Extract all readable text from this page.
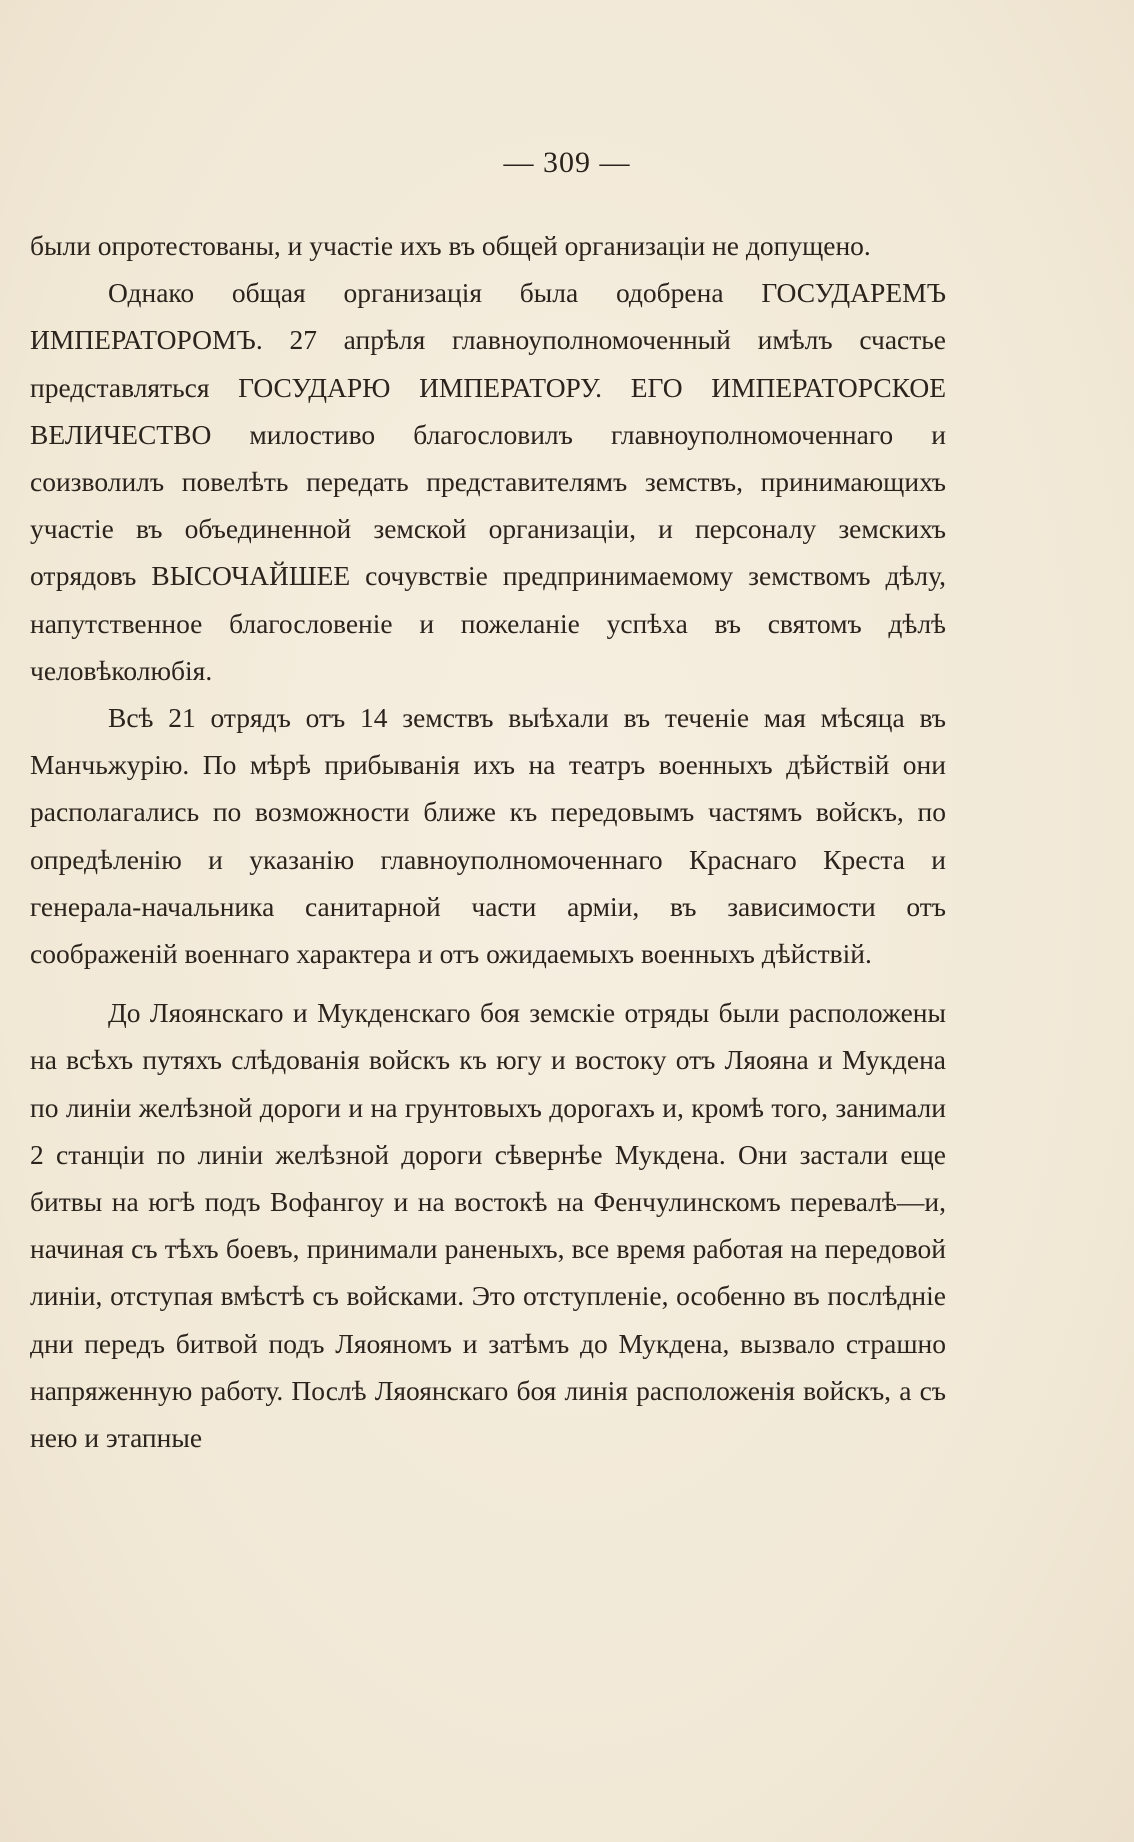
— 309 —

были опротестованы, и участіе ихъ въ общей организаціи не допущено.

Однако общая организація была одобрена ГОСУДАРЕМЪ ИМПЕРАТОРОМЪ. 27 апрѣля главноуполномоченный имѣлъ счастье представляться ГОСУДАРЮ ИМПЕРАТОРУ. ЕГО ИМПЕРАТОРСКОЕ ВЕЛИЧЕСТВО милостиво благословилъ главноуполномоченнаго и соизволилъ повелѣть передать представителямъ земствъ, принимающихъ участіе въ объединенной земской организаціи, и персоналу земскихъ отрядовъ ВЫСОЧАЙШЕЕ сочувствіе предпринимаемому земствомъ дѣлу, напутственное благословеніе и пожеланіе успѣха въ святомъ дѣлѣ человѣколюбія.

Всѣ 21 отрядъ отъ 14 земствъ выѣхали въ теченіе мая мѣсяца въ Манчьжурію. По мѣрѣ прибыванія ихъ на театръ военныхъ дѣйствій они располагались по возможности ближе къ передовымъ частямъ войскъ, по опредѣленію и указанію главноуполномоченнаго Краснаго Креста и генерала-начальника санитарной части арміи, въ зависимости отъ соображеній военнаго характера и отъ ожидаемыхъ военныхъ дѣйствій.

До Ляоянскаго и Мукденскаго боя земскіе отряды были расположены на всѣхъ путяхъ слѣдованія войскъ къ югу и востоку отъ Ляояна и Мукдена по линіи желѣзной дороги и на грунтовыхъ дорогахъ и, кромѣ того, занимали 2 станціи по линіи желѣзной дороги сѣвернѣе Мукдена. Они застали еще битвы на югѣ подъ Вофангоу и на востокѣ на Фенчулинскомъ перевалѣ—и, начиная съ тѣхъ боевъ, принимали раненыхъ, все время работая на передовой линіи, отступая вмѣстѣ съ войсками. Это отступленіе, особенно въ послѣдніе дни передъ битвой подъ Ляояномъ и затѣмъ до Мукдена, вызвало страшно напряженную работу. Послѣ Ляоянскаго боя линія расположенія войскъ, а съ нею и этапные
